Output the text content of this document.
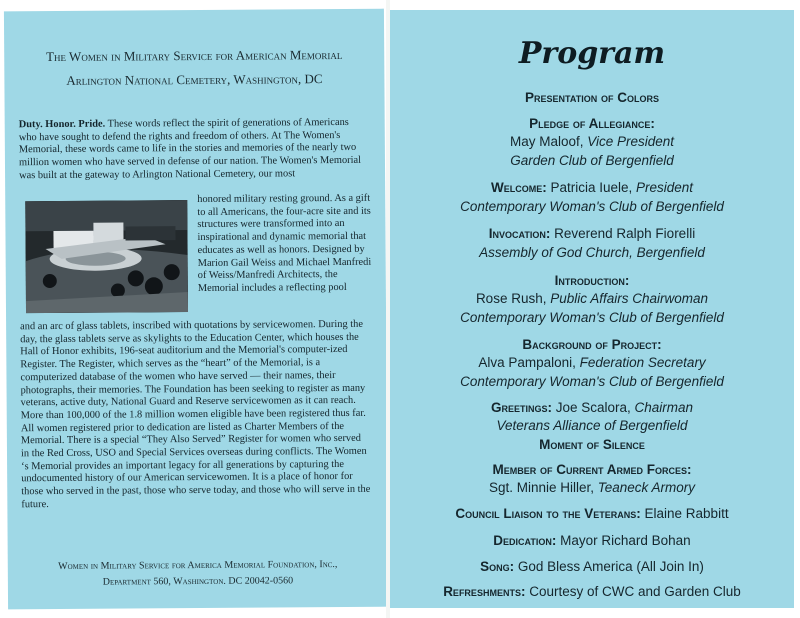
The Women in Military Service for American Memorial
Arlington National Cemetery, Washington, DC
Duty. Honor. Pride. These words reflect the spirit of generations of Americans who have sought to defend the rights and freedom of others. At The Women's Memorial, these words came to life in the stories and memories of the nearly two million women who have served in defense of our nation. The Women's Memorial was built at the gateway to Arlington National Cemetery, our most
honored military resting ground. As a gift to all Americans, the four-acre site and its structures were transformed into an inspirational and dynamic memorial that educates as well as honors. Designed by Marion Gail Weiss and Michael Manfredi of Weiss/Manfredi Architects, the Memorial includes a reflecting pool
and an arc of glass tablets, inscribed with quotations by servicewomen. During the day, the glass tablets serve as skylights to the Education Center, which houses the Hall of Honor exhibits, 196-seat auditorium and the Memorial's computer-ized Register. The Register, which serves as the “heart” of the Memorial, is a computerized database of the women who have served — their names, their photographs, their memories. The Foundation has been seeking to register as many veterans, active duty, National Guard and Reserve servicewomen as it can reach. More than 100,000 of the 1.8 million women eligible have been registered thus far. All women registered prior to dedication are listed as Charter Members of the Memorial. There is a special “They Also Served” Register for women who served in the Red Cross, USO and Special Services overseas during conflicts. The Women ‘s Memorial provides an important legacy for all generations by capturing the undocumented history of our American servicewomen. It is a place of honor for those who served in the past, those who serve today, and those who will serve in the future.
Women in Military Service for America Memorial Foundation, Inc.,
Department 560, Washington. DC 20042-0560
Program
Presentation of Colors
Pledge of Allegiance:
May Maloof, Vice President
Garden Club of Bergenfield
Welcome: Patricia Iuele, President
Contemporary Woman's Club of Bergenfield
Invocation: Reverend Ralph Fiorelli
Assembly of God Church, Bergenfield
Introduction:
Rose Rush, Public Affairs Chairwoman
Contemporary Woman's Club of Bergenfield
Background of Project:
Alva Pampaloni, Federation Secretary
Contemporary Woman's Club of Bergenfield
Greetings: Joe Scalora, Chairman
Veterans Alliance of Bergenfield
Moment of Silence
Member of Current Armed Forces:
Sgt. Minnie Hiller, Teaneck Armory
Council Liaison to the Veterans: Elaine Rabbitt
Dedication: Mayor Richard Bohan
Song: God Bless America (All Join In)
Refreshments: Courtesy of CWC and Garden Club
